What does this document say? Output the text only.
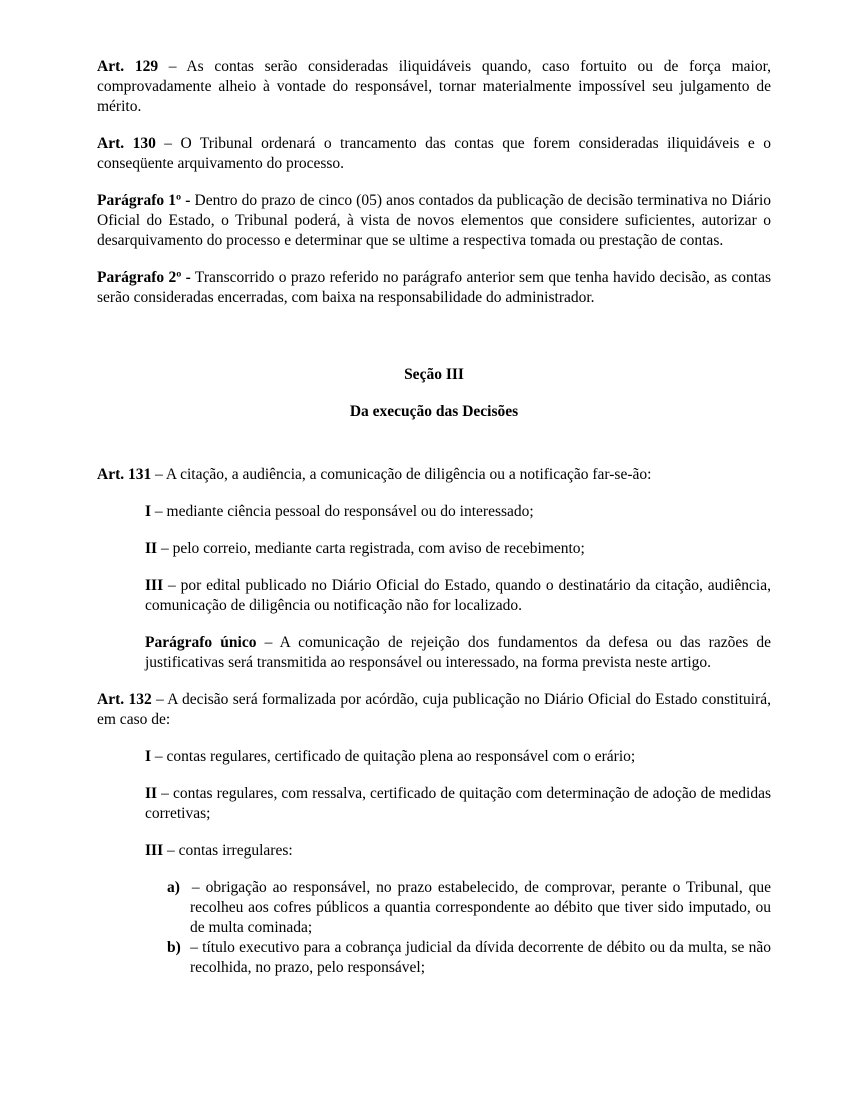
Art. 129 – As contas serão consideradas iliquidáveis quando, caso fortuito ou de força maior, comprovadamente alheio à vontade do responsável, tornar materialmente impossível seu julgamento de mérito.

Art. 130 – O Tribunal ordenará o trancamento das contas que forem consideradas iliquidáveis e o conseqüente arquivamento do processo.

Parágrafo 1º - Dentro do prazo de cinco (05) anos contados da publicação de decisão terminativa no Diário Oficial do Estado, o Tribunal poderá, à vista de novos elementos que considere suficientes, autorizar o desarquivamento do processo e determinar que se ultime a respectiva tomada ou prestação de contas.

Parágrafo 2º - Transcorrido o prazo referido no parágrafo anterior sem que tenha havido decisão, as contas serão consideradas encerradas, com baixa na responsabilidade do administrador.

Seção III

Da execução das Decisões

Art. 131 – A citação, a audiência, a comunicação de diligência ou a notificação far-se-ão:

I – mediante ciência pessoal do responsável ou do interessado;

II – pelo correio, mediante carta registrada, com aviso de recebimento;

III – por edital publicado no Diário Oficial do Estado, quando o destinatário da citação, audiência, comunicação de diligência ou notificação não for localizado.

Parágrafo único – A comunicação de rejeição dos fundamentos da defesa ou das razões de justificativas será transmitida ao responsável ou interessado, na forma prevista neste artigo.

Art. 132 – A decisão será formalizada por acórdão, cuja publicação no Diário Oficial do Estado constituirá, em caso de:

I – contas regulares, certificado de quitação plena ao responsável com o erário;

II – contas regulares, com ressalva, certificado de quitação com determinação de adoção de medidas corretivas;

III – contas irregulares:

a) – obrigação ao responsável, no prazo estabelecido, de comprovar, perante o Tribunal, que recolheu aos cofres públicos a quantia correspondente ao débito que tiver sido imputado, ou de multa cominada;

b) – título executivo para a cobrança judicial da dívida decorrente de débito ou da multa, se não recolhida, no prazo, pelo responsável;
